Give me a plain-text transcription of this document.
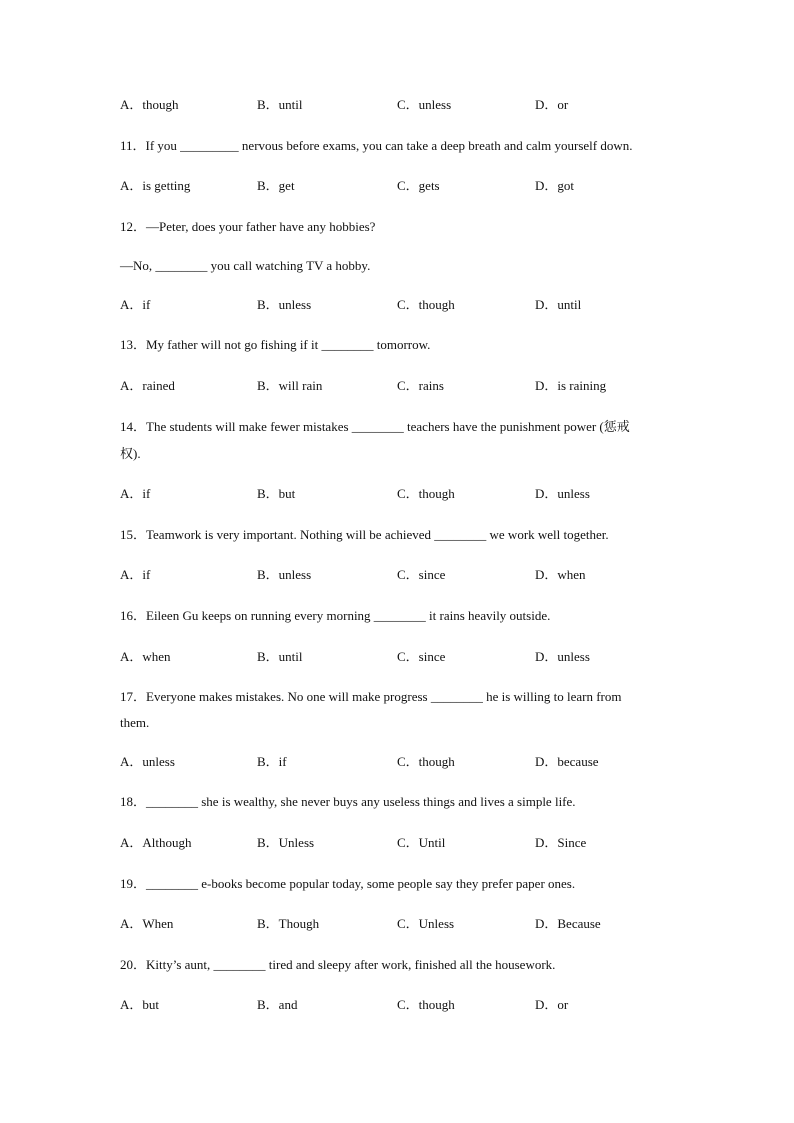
A．though	B．until	C．unless	D．or
11．If you _________ nervous before exams, you can take a deep breath and calm yourself down.
A．is getting	B．get	C．gets	D．got
12．—Peter, does your father have any hobbies?
—No, ________ you call watching TV a hobby.
A．if	B．unless	C．though	D．until
13．My father will not go fishing if it ________ tomorrow.
A．rained	B．will rain	C．rains	D．is raining
14．The students will make fewer mistakes ________ teachers have the punishment power (惩戒
权).
A．if	B．but	C．though	D．unless
15．Teamwork is very important. Nothing will be achieved ________ we work well together.
A．if	B．unless	C．since	D．when
16．Eileen Gu keeps on running every morning ________ it rains heavily outside.
A．when	B．until	C．since	D．unless
17．Everyone makes mistakes. No one will make progress ________ he is willing to learn from
them.
A．unless	B．if	C．though	D．because
18．________ she is wealthy, she never buys any useless things and lives a simple life.
A．Although	B．Unless	C．Until	D．Since
19．________ e-books become popular today, some people say they prefer paper ones.
A．When	B．Though	C．Unless	D．Because
20．Kitty’s aunt, ________ tired and sleepy after work, finished all the housework.
A．but	B．and	C．though	D．or
